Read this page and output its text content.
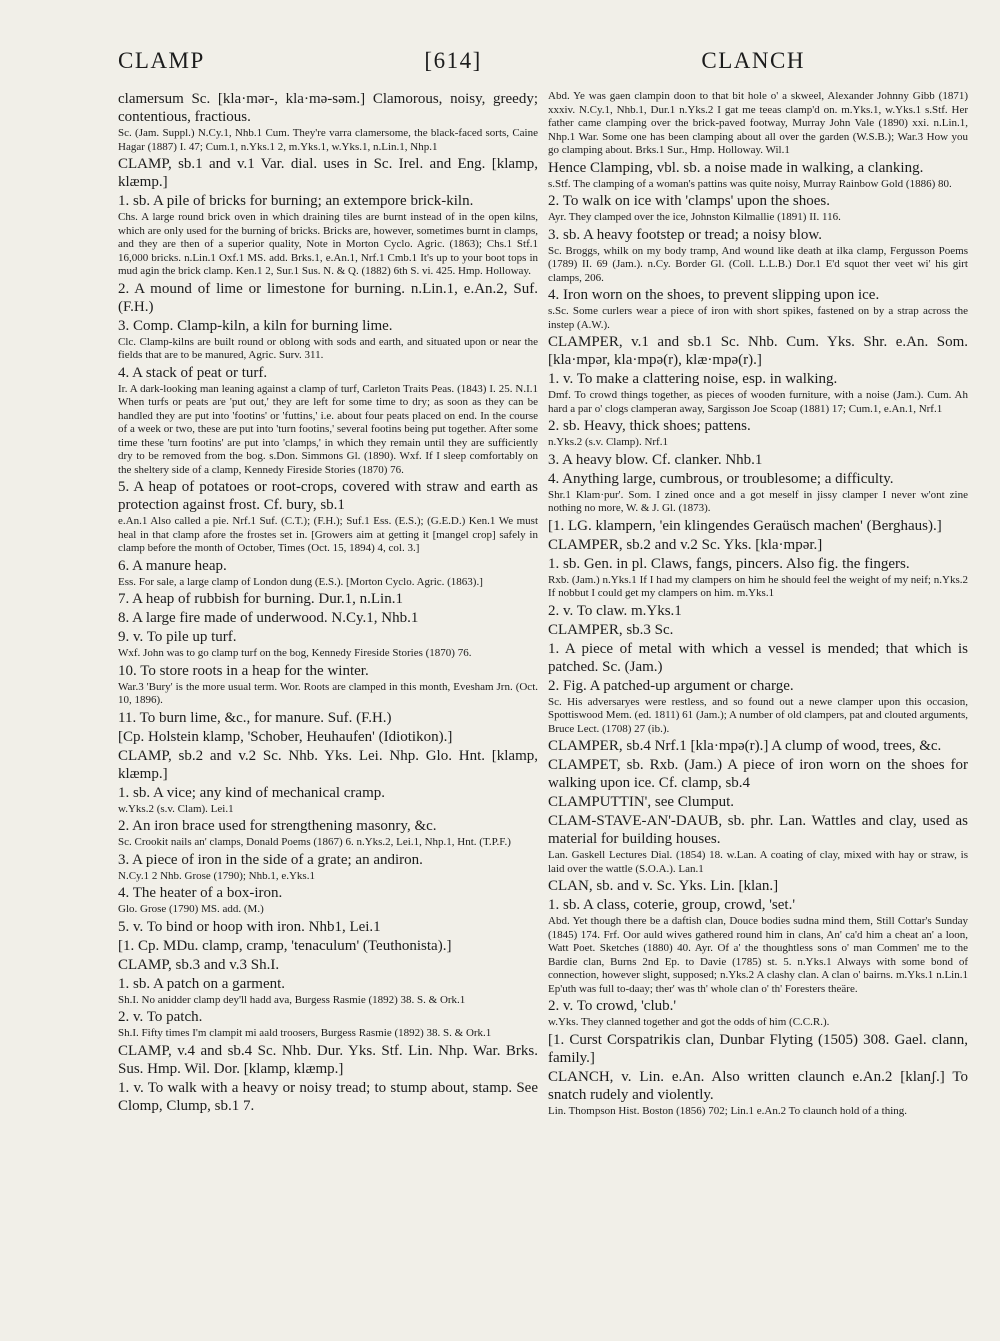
CLAMP	[614]	CLANCH

clamersum Sc. [kla·mər-, kla·mə-səm.] Clamorous, noisy, greedy; contentious, fractious.

Sc. (Jam. Suppl.) N.Cy.1, Nhb.1 Cum. They're varra clamersome, the black-faced sorts, Caine Hagar (1887) I. 47; Cum.1, n.Yks.1 2, m.Yks.1, w.Yks.1, n.Lin.1, Nhp.1

CLAMP, sb.1 and v.1 Var. dial. uses in Sc. Irel. and Eng. [klamp, klæmp.]

1. sb. A pile of bricks for burning; an extempore brick-kiln.

Chs. A large round brick oven in which draining tiles are burnt instead of in the open kilns, which are only used for the burning of bricks. Bricks are, however, sometimes burnt in clamps, and they are then of a superior quality, Note in Morton Cyclo. Agric. (1863); Chs.1 Stf.1 16,000 bricks. n.Lin.1 Oxf.1 MS. add. Brks.1, e.An.1, Nrf.1 Cmb.1 It's up to your boot tops in mud agin the brick clamp. Ken.1 2, Sur.1 Sus. N. & Q. (1882) 6th S. vi. 425. Hmp. Holloway.

2. A mound of lime or limestone for burning. n.Lin.1, e.An.2, Suf. (F.H.)

3. Comp. Clamp-kiln, a kiln for burning lime.

Clc. Clamp-kilns are built round or oblong with sods and earth, and situated upon or near the fields that are to be manured, Agric. Surv. 311.

4. A stack of peat or turf.

Ir. A dark-looking man leaning against a clamp of turf, Carleton Traits Peas. (1843) I. 25. N.I.1 When turfs or peats are 'put out,' they are left for some time to dry; as soon as they can be handled they are put into 'footins' or 'futtins,' i.e. about four peats placed on end. In the course of a week or two, these are put into 'turn footins,' several footins being put together. After some time these 'turn footins' are put into 'clamps,' in which they remain until they are sufficiently dry to be removed from the bog. s.Don. Simmons Gl. (1890). Wxf. If I sleep comfortably on the sheltery side of a clamp, Kennedy Fireside Stories (1870) 76.

5. A heap of potatoes or root-crops, covered with straw and earth as protection against frost. Cf. bury, sb.1

e.An.1 Also called a pie. Nrf.1 Suf. (C.T.); (F.H.); Suf.1 Ess. (E.S.); (G.E.D.) Ken.1 We must heal in that clamp afore the frostes set in. [Growers aim at getting it [mangel crop] safely in clamp before the month of October, Times (Oct. 15, 1894) 4, col. 3.]

6. A manure heap.

Ess. For sale, a large clamp of London dung (E.S.). [Morton Cyclo. Agric. (1863).]

7. A heap of rubbish for burning. Dur.1, n.Lin.1

8. A large fire made of underwood. N.Cy.1, Nhb.1

9. v. To pile up turf.

Wxf. John was to go clamp turf on the bog, Kennedy Fireside Stories (1870) 76.

10. To store roots in a heap for the winter.

War.3 'Bury' is the more usual term. Wor. Roots are clamped in this month, Evesham Jrn. (Oct. 10, 1896).

11. To burn lime, &c., for manure. Suf. (F.H.)

[Cp. Holstein klamp, 'Schober, Heuhaufen' (Idiotikon).]

CLAMP, sb.2 and v.2 Sc. Nhb. Yks. Lei. Nhp. Glo. Hnt. [klamp, klæmp.]

1. sb. A vice; any kind of mechanical cramp.

w.Yks.2 (s.v. Clam). Lei.1

2. An iron brace used for strengthening masonry, &c.

Sc. Crookit nails an' clamps, Donald Poems (1867) 6. n.Yks.2, Lei.1, Nhp.1, Hnt. (T.P.F.)

3. A piece of iron in the side of a grate; an andiron.

N.Cy.1 2 Nhb. Grose (1790); Nhb.1, e.Yks.1

4. The heater of a box-iron.

Glo. Grose (1790) MS. add. (M.)

5. v. To bind or hoop with iron. Nhb1, Lei.1

[1. Cp. MDu. clamp, cramp, 'tenaculum' (Teuthonista).]

CLAMP, sb.3 and v.3 Sh.I.

1. sb. A patch on a garment.

Sh.I. No anidder clamp dey'll hadd ava, Burgess Rasmie (1892) 38. S. & Ork.1

2. v. To patch.

Sh.I. Fifty times I'm clampit mi aald troosers, Burgess Rasmie (1892) 38. S. & Ork.1

CLAMP, v.4 and sb.4 Sc. Nhb. Dur. Yks. Stf. Lin. Nhp. War. Brks. Sus. Hmp. Wil. Dor. [klamp, klæmp.]

1. v. To walk with a heavy or noisy tread; to stump about, stamp. See Clomp, Clump, sb.1 7.

Abd. Ye was gaen clampin doon to that bit hole o' a skweel, Alexander Johnny Gibb (1871) xxxiv. N.Cy.1, Nhb.1, Dur.1 n.Yks.2 I gat me teeas clamp'd on. m.Yks.1, w.Yks.1 s.Stf. Her father came clamping over the brick-paved footway, Murray John Vale (1890) xxi. n.Lin.1, Nhp.1 War. Some one has been clamping about all over the garden (W.S.B.); War.3 How you go clamping about. Brks.1 Sur., Hmp. Holloway. Wil.1

Hence Clamping, vbl. sb. a noise made in walking, a clanking.

s.Stf. The clamping of a woman's pattins was quite noisy, Murray Rainbow Gold (1886) 80.

2. To walk on ice with 'clamps' upon the shoes.

Ayr. They clamped over the ice, Johnston Kilmallie (1891) II. 116.

3. sb. A heavy footstep or tread; a noisy blow.

Sc. Broggs, whilk on my body tramp, And wound like death at ilka clamp, Fergusson Poems (1789) II. 69 (Jam.). n.Cy. Border Gl. (Coll. L.L.B.) Dor.1 E'd squot ther veet wi' his girt clamps, 206.

4. Iron worn on the shoes, to prevent slipping upon ice.

s.Sc. Some curlers wear a piece of iron with short spikes, fastened on by a strap across the instep (A.W.).

CLAMPER, v.1 and sb.1 Sc. Nhb. Cum. Yks. Shr. e.An. Som. [kla·mpər, kla·mpə(r), klæ·mpə(r).]

1. v. To make a clattering noise, esp. in walking.

Dmf. To crowd things together, as pieces of wooden furniture, with a noise (Jam.). Cum. Ah hard a par o' clogs clamperan away, Sargisson Joe Scoap (1881) 17; Cum.1, e.An.1, Nrf.1

2. sb. Heavy, thick shoes; pattens.

n.Yks.2 (s.v. Clamp). Nrf.1

3. A heavy blow. Cf. clanker. Nhb.1

4. Anything large, cumbrous, or troublesome; a difficulty.

Shr.1 Klam·pur'. Som. I zined once and a got meself in jissy clamper I never w'ont zine nothing no more, W. & J. Gl. (1873).

[1. LG. klampern, 'ein klingendes Geraüsch machen' (Berghaus).]

CLAMPER, sb.2 and v.2 Sc. Yks. [kla·mpər.]

1. sb. Gen. in pl. Claws, fangs, pincers. Also fig. the fingers.

Rxb. (Jam.) n.Yks.1 If I had my clampers on him he should feel the weight of my neif; n.Yks.2 If nobbut I could get my clampers on him. m.Yks.1

2. v. To claw. m.Yks.1

CLAMPER, sb.3 Sc.

1. A piece of metal with which a vessel is mended; that which is patched. Sc. (Jam.)

2. Fig. A patched-up argument or charge.

Sc. His adversaryes were restless, and so found out a newe clamper upon this occasion, Spottiswood Mem. (ed. 1811) 61 (Jam.); A number of old clampers, pat and clouted arguments, Bruce Lect. (1708) 27 (ib.).

CLAMPER, sb.4 Nrf.1 [kla·mpə(r).] A clump of wood, trees, &c.

CLAMPET, sb. Rxb. (Jam.) A piece of iron worn on the shoes for walking upon ice. Cf. clamp, sb.4

CLAMPUTTIN', see Clumput.

CLAM-STAVE-AN'-DAUB, sb. phr. Lan. Wattles and clay, used as material for building houses.

Lan. Gaskell Lectures Dial. (1854) 18. w.Lan. A coating of clay, mixed with hay or straw, is laid over the wattle (S.O.A.). Lan.1

CLAN, sb. and v. Sc. Yks. Lin. [klan.]

1. sb. A class, coterie, group, crowd, 'set.'

Abd. Yet though there be a daftish clan, Douce bodies sudna mind them, Still Cottar's Sunday (1845) 174. Frf. Oor auld wives gathered round him in clans, An' ca'd him a cheat an' a loon, Watt Poet. Sketches (1880) 40. Ayr. Of a' the thoughtless sons o' man Commen' me to the Bardie clan, Burns 2nd Ep. to Davie (1785) st. 5. n.Yks.1 Always with some bond of connection, however slight, supposed; n.Yks.2 A clashy clan. A clan o' bairns. m.Yks.1 n.Lin.1 Ep'uth was full to-daay; ther' was th' whole clan o' th' Foresters theäre.

2. v. To crowd, 'club.'

w.Yks. They clanned together and got the odds of him (C.C.R.).

[1. Curst Corspatrikis clan, Dunbar Flyting (1505) 308. Gael. clann, family.]

CLANCH, v. Lin. e.An. Also written claunch e.An.2 [klanʃ.] To snatch rudely and violently.

Lin. Thompson Hist. Boston (1856) 702; Lin.1 e.An.2 To claunch hold of a thing.
